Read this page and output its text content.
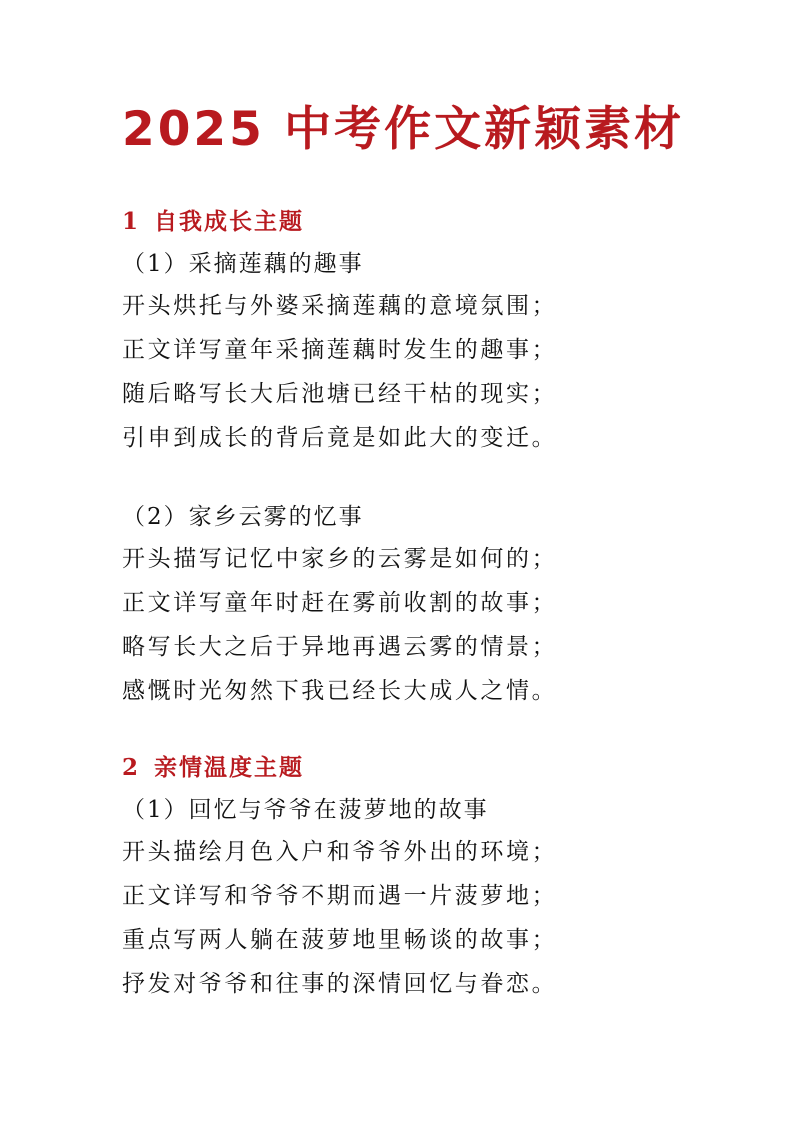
2025 中考作文新颖素材
1 自我成长主题

（1）采摘莲藕的趣事

开头烘托与外婆采摘莲藕的意境氛围；
正文详写童年采摘莲藕时发生的趣事；
随后略写长大后池塘已经干枯的现实；
引申到成长的背后竟是如此大的变迁。

（2）家乡云雾的忆事

开头描写记忆中家乡的云雾是如何的；
正文详写童年时赶在雾前收割的故事；
略写长大之后于异地再遇云雾的情景；
感慨时光匆然下我已经长大成人之情。
2 亲情温度主题

（1）回忆与爷爷在菠萝地的故事

开头描绘月色入户和爷爷外出的环境；
正文详写和爷爷不期而遇一片菠萝地；
重点写两人躺在菠萝地里畅谈的故事；
抒发对爷爷和往事的深情回忆与眷恋。
